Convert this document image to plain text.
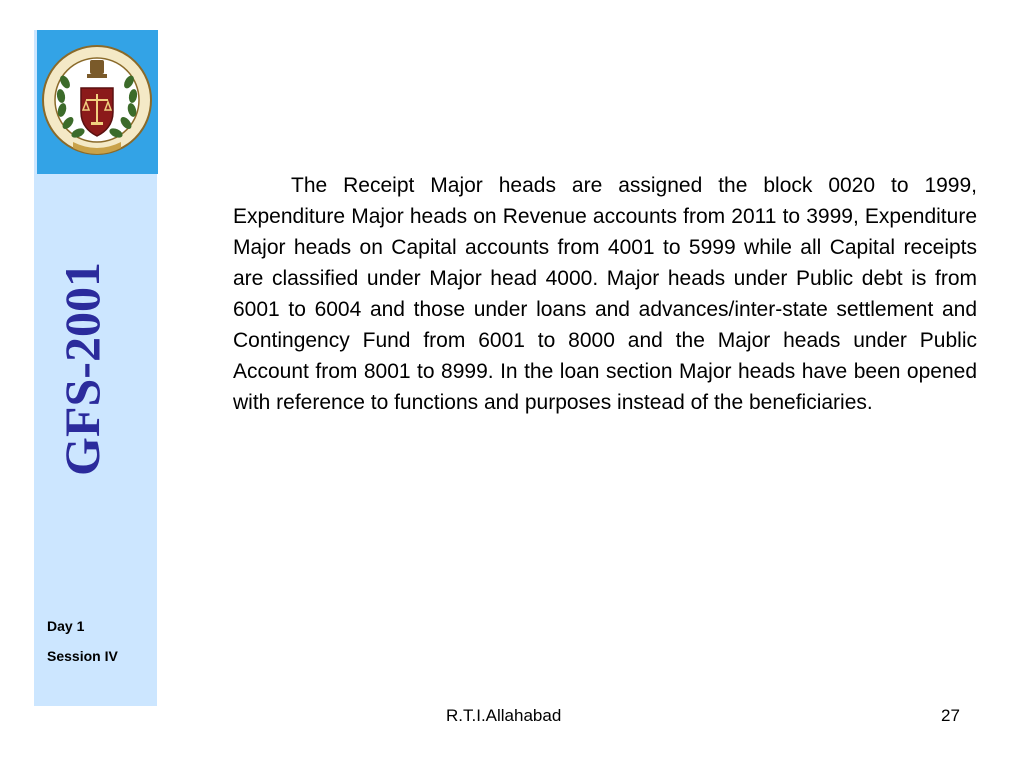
GFS-2001
Day 1
Session IV

The Receipt Major heads are assigned the block 0020 to 1999, Expenditure Major heads on Revenue accounts from 2011 to 3999, Expenditure Major heads on Capital accounts from 4001 to 5999 while all Capital receipts are classified under Major head 4000. Major heads under Public debt is from 6001 to 6004 and those under loans and advances/inter-state settlement and Contingency Fund from 6001 to 8000 and the Major heads under Public Account from 8001 to 8999. In the loan section Major heads have been opened with reference to functions and purposes instead of the beneficiaries.

R.T.I.Allahabad	27
